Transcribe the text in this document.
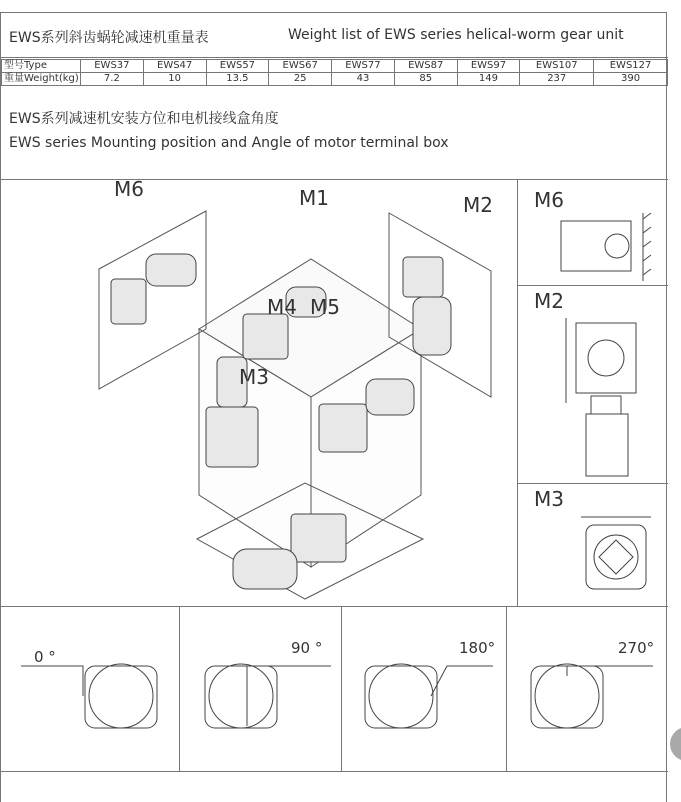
EWS系列斜齿蜗轮减速机重量表	Weight list of EWS series helical-worm gear unit
型号Type	EWS37	EWS47	EWS57	EWS67	EWS77	EWS87	EWS97	EWS107	EWS127
重量Weight(kg)	7.2	10	13.5	25	43	85	149	237	390
EWS系列减速机安装方位和电机接线盒角度
EWS series Mounting position and Angle of motor terminal box
M6	M1	M2
M4 M5
M3
M6
M2
M3
0 °	90 °	180°	270°
